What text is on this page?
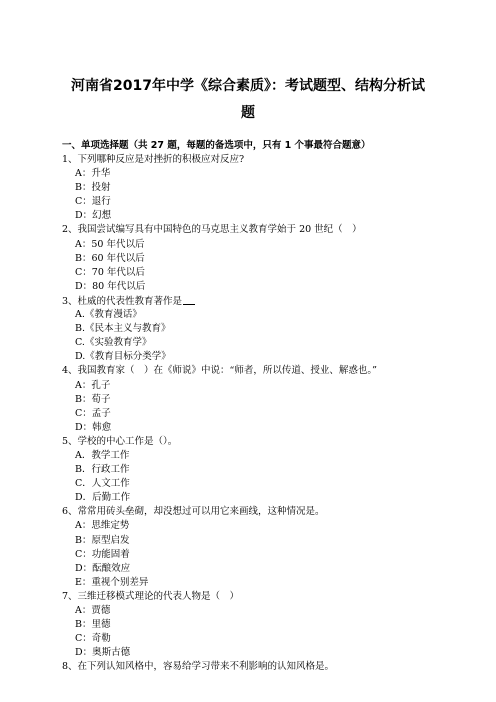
河南省2017年中学《综合素质》：考试题型、结构分析试
题
一、单项选择题（共 27 题，每题的备选项中，只有 1 个事最符合题意）
1、下列哪种反应是对挫折的积极应对反应?
A：升华
B：投射
C：退行
D：幻想
2、我国尝试编写具有中国特色的马克思主义教育学始于 20 世纪（　）
A：50 年代以后
B：60 年代以后
C：70 年代以后
D：80 年代以后
3、杜威的代表性教育著作是
A.《教育漫话》
B.《民本主义与教育》
C.《实验教育学》
D.《教育目标分类学》
4、我国教育家（　）在《师说》中说：“师者，所以传道、授业、解惑也。”
A：孔子
B：荀子
C：孟子
D：韩愈
5、学校的中心工作是（）。
A．教学工作
B．行政工作
C．人文工作
D．后勤工作
6、常常用砖头垒砌，却没想过可以用它来画线，这种情况是。
A：思维定势
B：原型启发
C：功能固着
D：酝酿效应
E：重视个别差异
7、三维迁移模式理论的代表人物是（　）
A：贾德
B：里德
C：奇勒
D：奥斯古德
8、在下列认知风格中，容易给学习带来不利影响的认知风格是。
